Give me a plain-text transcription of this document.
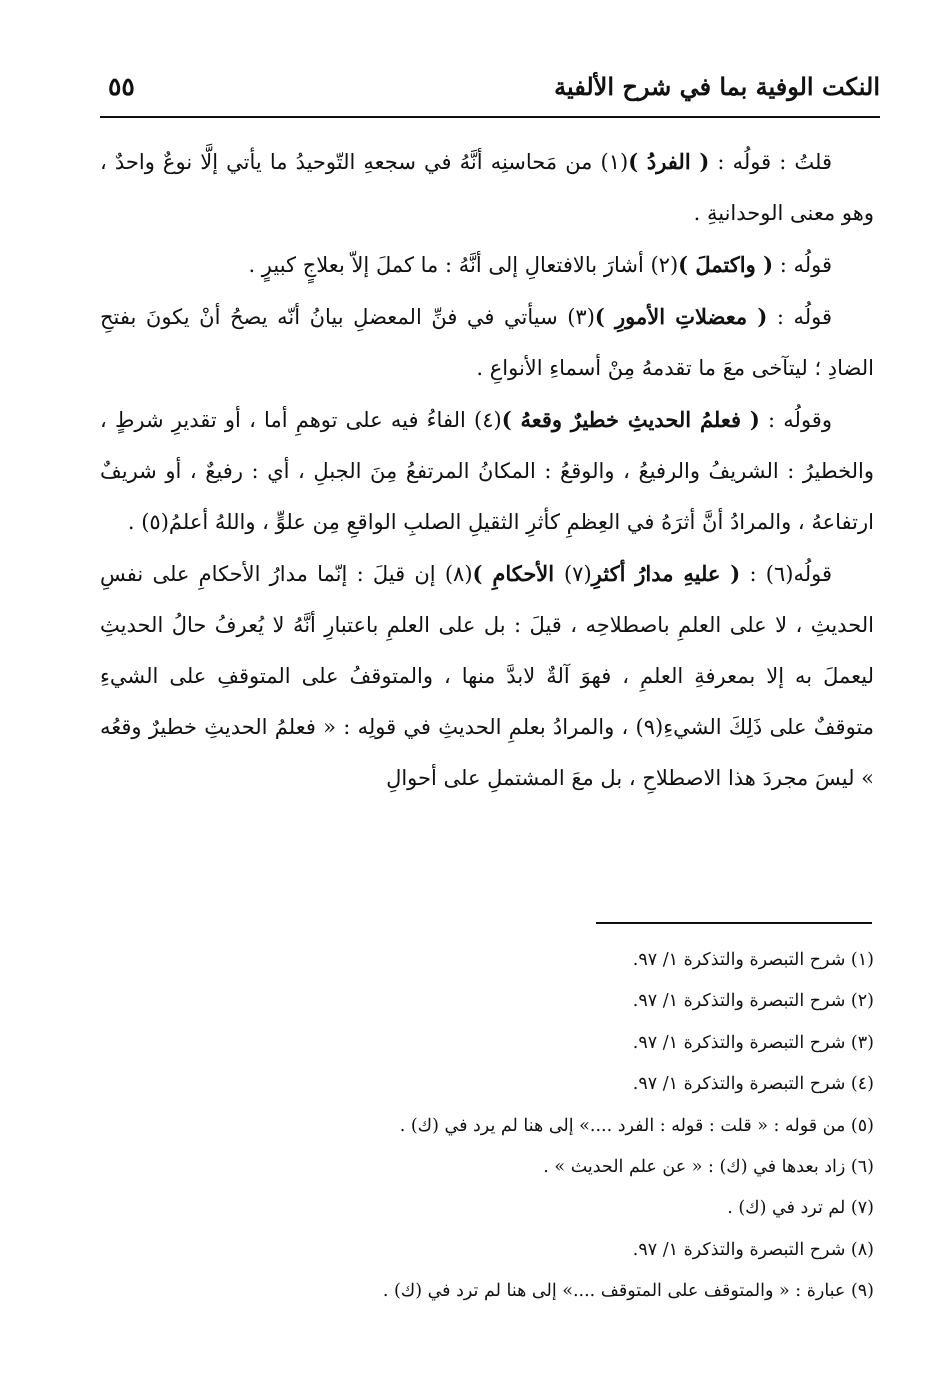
النكت الوفية بما في شرح الألفية
٥٥

قلتُ : قولُه : ( الفردُ )(١) من مَحاسنِه أنَّهُ في سجعهِ التّوحيدُ ما يأتي إلَّا نوعٌ واحدٌ ، وهو معنى الوحدانيةِ .

قولُه : ( واكتملَ )(٢) أشارَ بالافتعالِ إلى أنَّهُ : ما كملَ إلاّ بعلاجٍ كبيرٍ .

قولُه : ( معضلاتِ الأمورِ )(٣) سيأتي في فنِّ المعضلِ بيانُ أنّه يصحُ أنْ يكونَ بفتحِ الضادِ ؛ ليتآخى معَ ما تقدمهُ مِنْ أسماءِ الأنواعِ .

وقولُه : ( فعلمُ الحديثِ خطيرٌ وقعهُ )(٤) الفاءُ فيه على توهمِ أما ، أو تقديرِ شرطٍ ، والخطيرُ : الشريفُ والرفيعُ ، والوقعُ : المكانُ المرتفعُ مِنَ الجبلِ ، أي : رفيعٌ ، أو شريفٌ ارتفاعهُ ، والمرادُ أنَّ أثرَهُ في العِظمِ كأثرِ الثقيلِ الصلبِ الواقعِ مِن علوٍّ ، واللهُ أعلمُ(٥) .

قولُه(٦) : ( عليهِ مدارُ أكثرِ(٧) الأحكامِ )(٨) إن قيلَ : إنّما مدارُ الأحكامِ على نفسِ الحديثِ ، لا على العلمِ باصطلاحِه ، قيلَ : بل على العلمِ باعتبارِ أنَّهُ لا يُعرفُ حالُ الحديثِ ليعملَ به إلا بمعرفةِ العلمِ ، فهوَ آلةٌ لابدَّ منها ، والمتوقفُ على المتوقفِ على الشيءِ متوقفٌ على ذَلِكَ الشيءِ(٩) ، والمرادُ بعلمِ الحديثِ في قولِه : « فعلمُ الحديثِ خطيرٌ وقعُه » ليسَ مجردَ هذا الاصطلاحِ ، بل معَ المشتملِ على أحوالِ

(١) شرح التبصرة والتذكرة ١/ ٩٧.
(٢) شرح التبصرة والتذكرة ١/ ٩٧.
(٣) شرح التبصرة والتذكرة ١/ ٩٧.
(٤) شرح التبصرة والتذكرة ١/ ٩٧.
(٥) من قوله : « قلت : قوله : الفرد ....» إلى هنا لم يرد في (ك) .
(٦) زاد بعدها في (ك) : « عن علم الحديث » .
(٧) لم ترد في (ك) .
(٨) شرح التبصرة والتذكرة ١/ ٩٧.
(٩) عبارة : « والمتوقف على المتوقف ....» إلى هنا لم ترد في (ك) .
